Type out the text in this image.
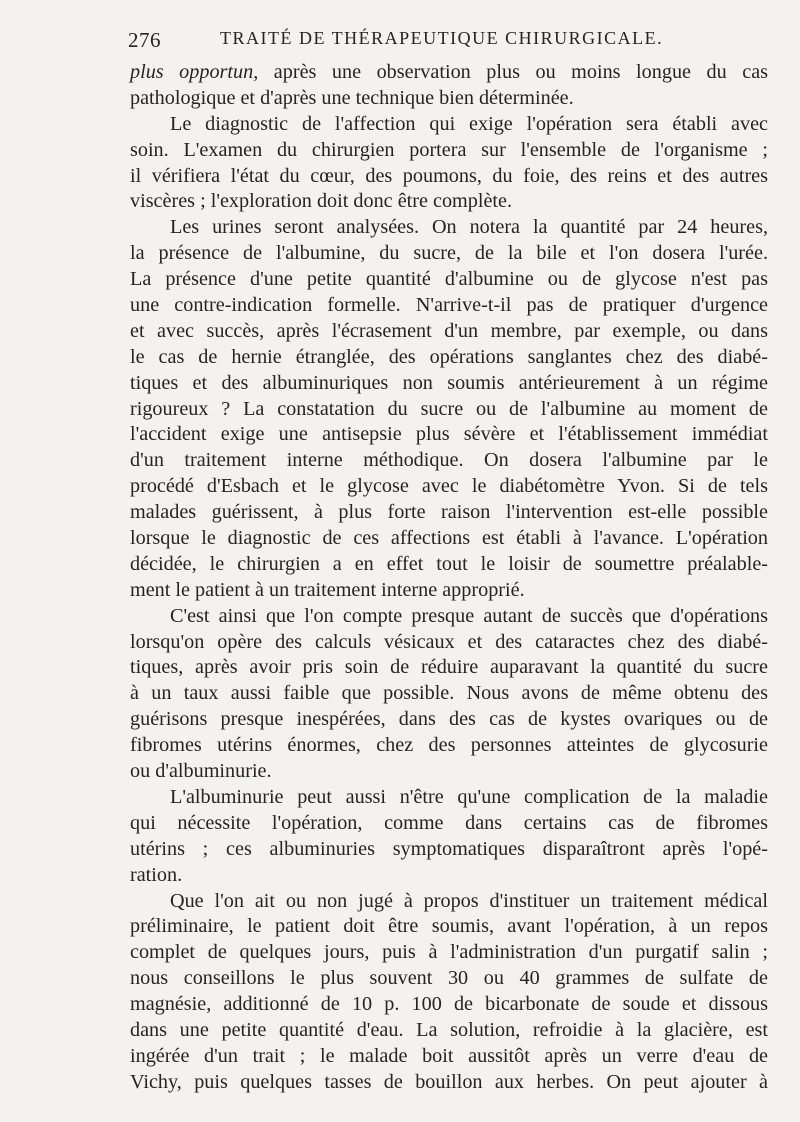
276	TRAITÉ DE THÉRAPEUTIQUE CHIRURGICALE.
plus opportun, après une observation plus ou moins longue du cas
pathologique et d'après une technique bien déterminée.
Le diagnostic de l'affection qui exige l'opération sera établi avec
soin. L'examen du chirurgien portera sur l'ensemble de l'organisme ;
il vérifiera l'état du cœur, des poumons, du foie, des reins et des autres
viscères ; l'exploration doit donc être complète.
Les urines seront analysées. On notera la quantité par 24 heures,
la présence de l'albumine, du sucre, de la bile et l'on dosera l'urée.
La présence d'une petite quantité d'albumine ou de glycose n'est pas
une contre-indication formelle. N'arrive-t-il pas de pratiquer d'urgence
et avec succès, après l'écrasement d'un membre, par exemple, ou dans
le cas de hernie étranglée, des opérations sanglantes chez des diabé-
tiques et des albuminuriques non soumis antérieurement à un régime
rigoureux ? La constatation du sucre ou de l'albumine au moment de
l'accident exige une antisepsie plus sévère et l'établissement immédiat
d'un traitement interne méthodique. On dosera l'albumine par le
procédé d'Esbach et le glycose avec le diabétomètre Yvon. Si de tels
malades guérissent, à plus forte raison l'intervention est-elle possible
lorsque le diagnostic de ces affections est établi à l'avance. L'opération
décidée, le chirurgien a en effet tout le loisir de soumettre préalable-
ment le patient à un traitement interne approprié.
C'est ainsi que l'on compte presque autant de succès que d'opérations
lorsqu'on opère des calculs vésicaux et des cataractes chez des diabé-
tiques, après avoir pris soin de réduire auparavant la quantité du sucre
à un taux aussi faible que possible. Nous avons de même obtenu des
guérisons presque inespérées, dans des cas de kystes ovariques ou de
fibromes utérins énormes, chez des personnes atteintes de glycosurie
ou d'albuminurie.
L'albuminurie peut aussi n'être qu'une complication de la maladie
qui nécessite l'opération, comme dans certains cas de fibromes
utérins ; ces albuminuries symptomatiques disparaîtront après l'opé-
ration.
Que l'on ait ou non jugé à propos d'instituer un traitement médical
préliminaire, le patient doit être soumis, avant l'opération, à un repos
complet de quelques jours, puis à l'administration d'un purgatif salin ;
nous conseillons le plus souvent 30 ou 40 grammes de sulfate de
magnésie, additionné de 10 p. 100 de bicarbonate de soude et dissous
dans une petite quantité d'eau. La solution, refroidie à la glacière, est
ingérée d'un trait ; le malade boit aussitôt après un verre d'eau de
Vichy, puis quelques tasses de bouillon aux herbes. On peut ajouter à
